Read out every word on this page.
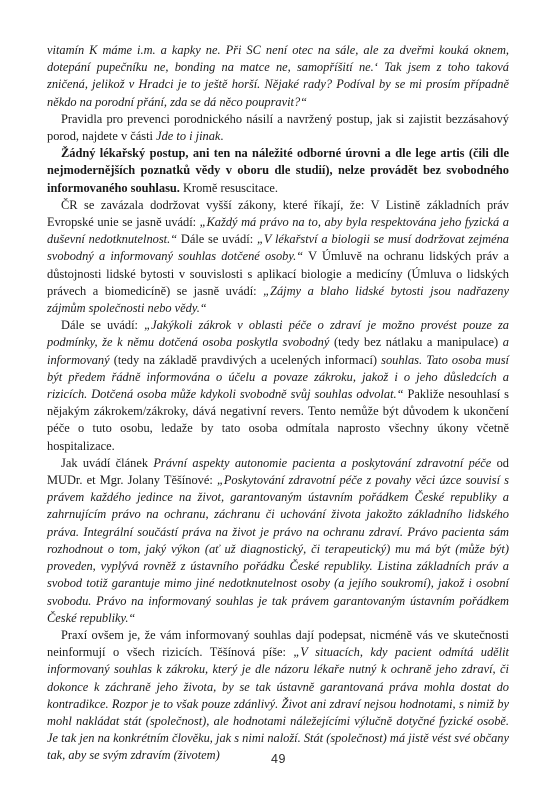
vitamín K máme i.m. a kapky ne. Při SC není otec na sále, ale za dveřmi kouká oknem, dotepání pupečníku ne, bonding na matce ne, samopříšití ne.‘ Tak jsem z toho taková zničená, jelikož v Hradci je to ještě horší. Nějaké rady? Podíval by se mi prosím případně někdo na porodní přání, zda se dá něco poupravit?“

Pravidla pro prevenci porodnického násilí a navržený postup, jak si zajistit bezzásahový porod, najdete v části Jde to i jinak.

Žádný lékařský postup, ani ten na náležité odborné úrovni a dle lege artis (čili dle nejmodernějších poznatků vědy v oboru dle studií), nelze provádět bez svobodného informovaného souhlasu. Kromě resuscitace.

ČR se zavázala dodržovat vyšší zákony, které říkají, že: V Listině základních práv Evropské unie se jasně uvádí: „Každý má právo na to, aby byla respektována jeho fyzická a duševní nedotknutelnost.“ Dále se uvádí: „V lékařství a biologii se musí dodržovat zejména svobodný a informovaný souhlas dotčené osoby.“ V Úmluvě na ochranu lidských práv a důstojnosti lidské bytosti v souvislosti s aplikací biologie a medicíny (Úmluva o lidských právech a biomedicíně) se jasně uvádí: „Zájmy a blaho lidské bytosti jsou nadřazeny zájmům společnosti nebo vědy.“

Dále se uvádí: „Jakýkoli zákrok v oblasti péče o zdraví je možno provést pouze za podmínky, že k němu dotčená osoba poskytla svobodný (tedy bez nátlaku a manipulace) a informovaný (tedy na základě pravdivých a ucelených informací) souhlas. Tato osoba musí být předem řádně informována o účelu a povaze zákroku, jakož i o jeho důsledcích a rizicích. Dotčená osoba může kdykoli svobodně svůj souhlas odvolat.“ Pakliže nesouhlasí s nějakým zákrokem/zákroky, dává negativní revers. Tento nemůže být důvodem k ukončení péče o tuto osobu, ledaže by tato osoba odmítala naprosto všechny úkony včetně hospitalizace.

Jak uvádí článek Právní aspekty autonomie pacienta a poskytování zdravotní péče od MUDr. et Mgr. Jolany Těšínové: „Poskytování zdravotní péče z povahy věci úzce souvisí s právem každého jedince na život, garantovaným ústavním pořádkem České republiky a zahrnujícím právo na ochranu, záchranu či uchování života jakožto základního lidského práva. Integrální součástí práva na život je právo na ochranu zdraví. Právo pacienta sám rozhodnout o tom, jaký výkon (ať už diagnostický, či terapeutický) mu má být (může být) proveden, vyplývá rovněž z ústavního pořádku České republiky. Listina základních práv a svobod totiž garantuje mimo jiné nedotknutelnost osoby (a jejího soukromí), jakož i osobní svobodu. Právo na informovaný souhlas je tak právem garantovaným ústavním pořádkem České republiky.“

Praxí ovšem je, že vám informovaný souhlas dají podepsat, nicméně vás ve skutečnosti neinformují o všech rizicích. Těšínová píše: „V situacích, kdy pacient odmítá udělit informovaný souhlas k zákroku, který je dle názoru lékaře nutný k ochraně jeho zdraví, či dokonce k záchraně jeho života, by se tak ústavně garantovaná práva mohla dostat do kontradikce. Rozpor je to však pouze zdánlivý. Život ani zdraví nejsou hodnotami, s nimiž by mohl nakládat stát (společnost), ale hodnotami náležejícími výlučně dotyčné fyzické osobě. Je tak jen na konkrétním člověku, jak s nimi naloží. Stát (společnost) má jistě vést své občany tak, aby se svým zdravím (životem)	49
